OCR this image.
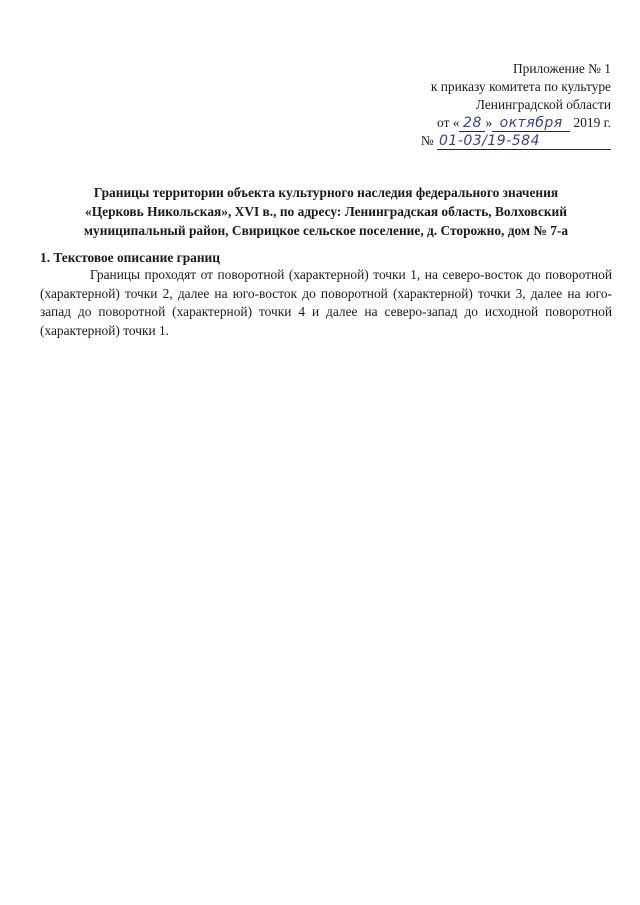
Приложение № 1
к приказу комитета по культуре
Ленинградской области
от « 28 » октября 2019 г.
№ 01-03/19-584
Границы территории объекта культурного наследия федерального значения
«Церковь Никольская», XVI в., по адресу: Ленинградская область, Волховский
муниципальный район, Свирицкое сельское поселение, д. Сторожно, дом № 7-а
1. Текстовое описание границ
Границы проходят от поворотной (характерной) точки 1, на северо-восток до поворотной (характерной) точки 2, далее на юго-восток до поворотной (характерной) точки 3, далее на юго-запад до поворотной (характерной) точки 4 и далее на северо-запад до исходной поворотной (характерной) точки 1.
